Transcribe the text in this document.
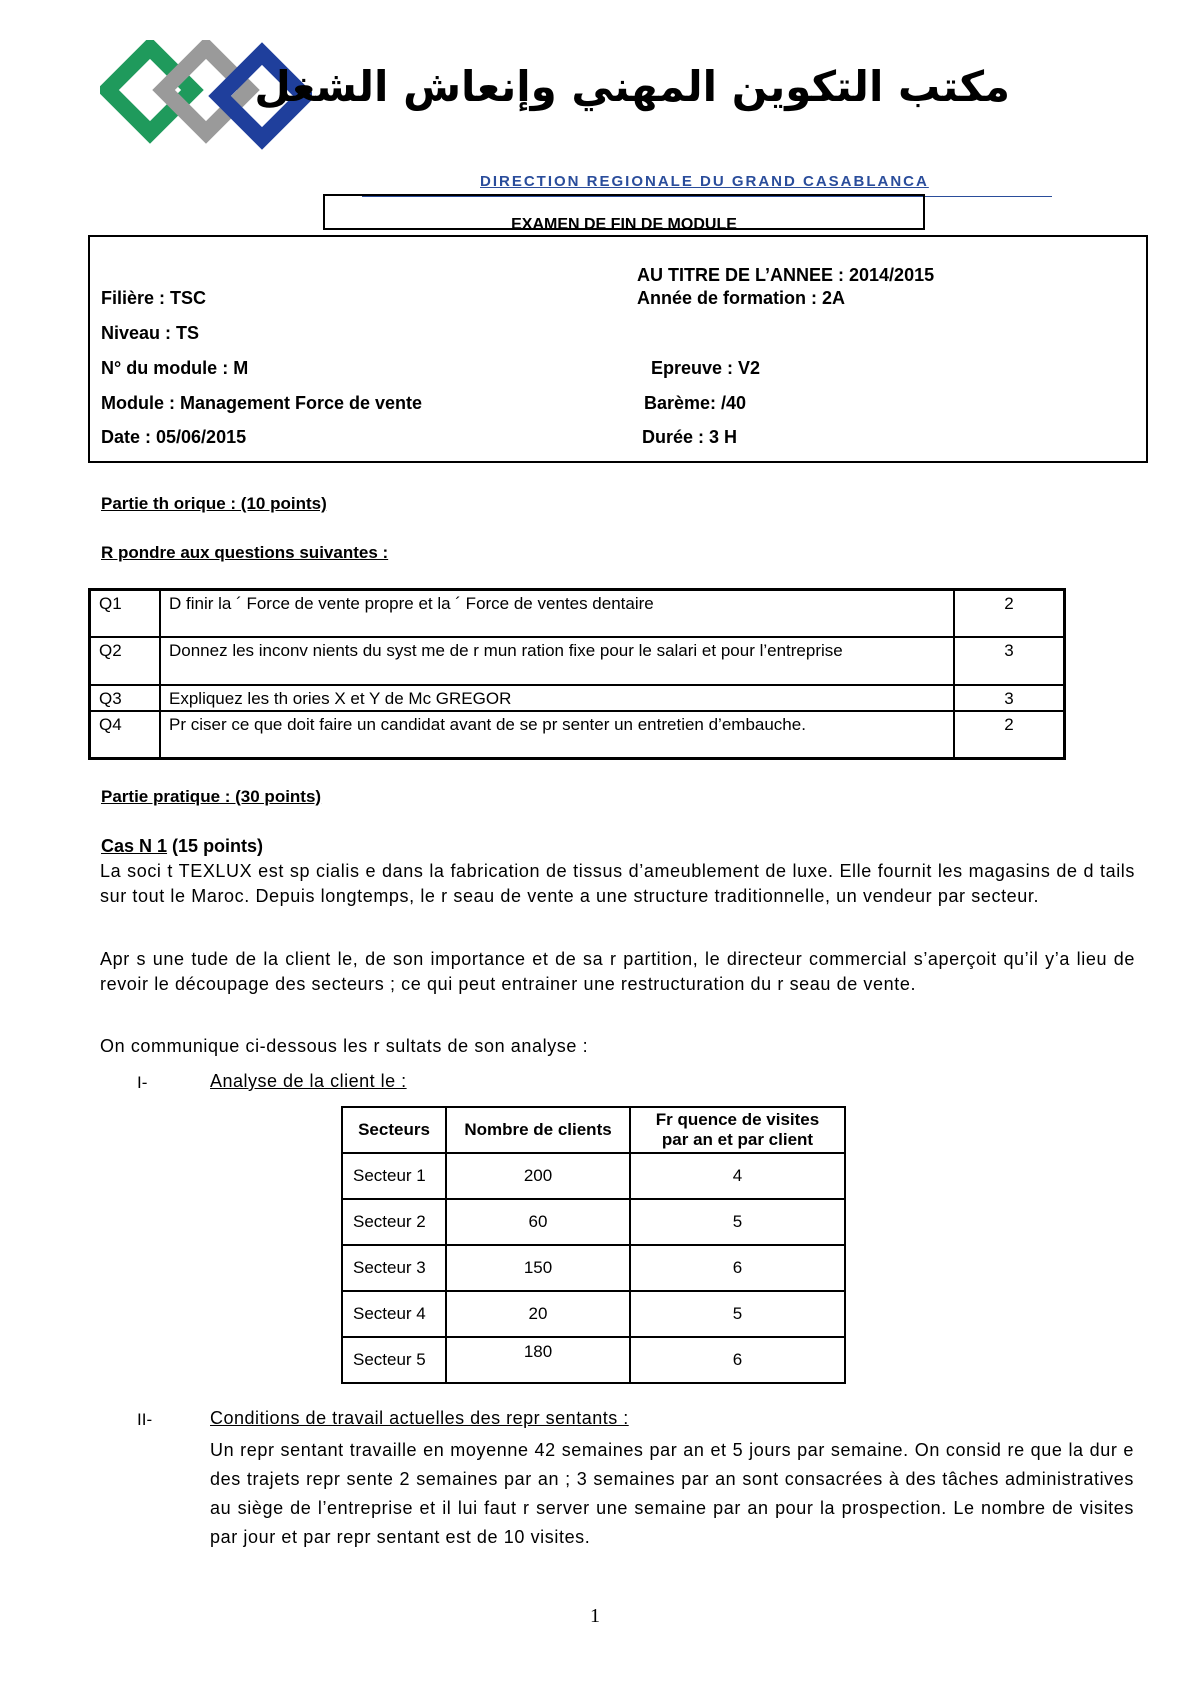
مكتب التكوين المهني وإنعاش الشغل
DIRECTION REGIONALE DU GRAND CASABLANCA
EXAMEN DE FIN DE MODULE
AU TITRE DE L’ANNEE : 2014/2015
Filière : TSC	Année de formation : 2A
Niveau : TS
N° du module : M	Epreuve : V2
Module : Management Force de vente	Barème: /40
Date : 05/06/2015	Durée : 3 H
Partie th orique : (10 points)
R pondre aux questions suivantes :
Q1	D finir la ´ Force de vente propre et la ´ Force de ventes dentaire	2
Q2	Donnez les inconv nients du syst me de r mun ration fixe pour le salari et pour l’entreprise	3
Q3	Expliquez les th ories X et Y de Mc GREGOR	3
Q4	Pr ciser ce que doit faire un candidat avant de se pr senter un entretien d’embauche.	2
Partie pratique : (30 points)
Cas N 1 (15 points)
La soci t TEXLUX est sp cialis e dans la fabrication de tissus d’ameublement de luxe. Elle fournit les magasins de d tails sur tout le Maroc. Depuis longtemps, le r seau de vente a une structure traditionnelle, un vendeur par secteur.
Apr s une tude de la client le, de son importance et de sa r partition, le directeur commercial s’aperçoit qu’il y’a lieu de revoir le découpage des secteurs ; ce qui peut entrainer une restructuration du r seau de vente.
On communique ci-dessous les r sultats de son analyse :
I-	Analyse de la client le :
Secteurs	Nombre de clients	Fr quence de visites par an et par client
Secteur 1	200	4
Secteur 2	60	5
Secteur 3	150	6
Secteur 4	20	5
Secteur 5	180	6
II-	Conditions de travail actuelles des repr sentants :
Un repr sentant travaille en moyenne 42 semaines par an et 5 jours par semaine. On consid re que la dur e des trajets repr sente 2 semaines par an ; 3 semaines par an sont consacrées à des tâches administratives au siège de l’entreprise et il lui faut r server une semaine par an pour la prospection. Le nombre de visites par jour et par repr sentant est de 10 visites.
1
